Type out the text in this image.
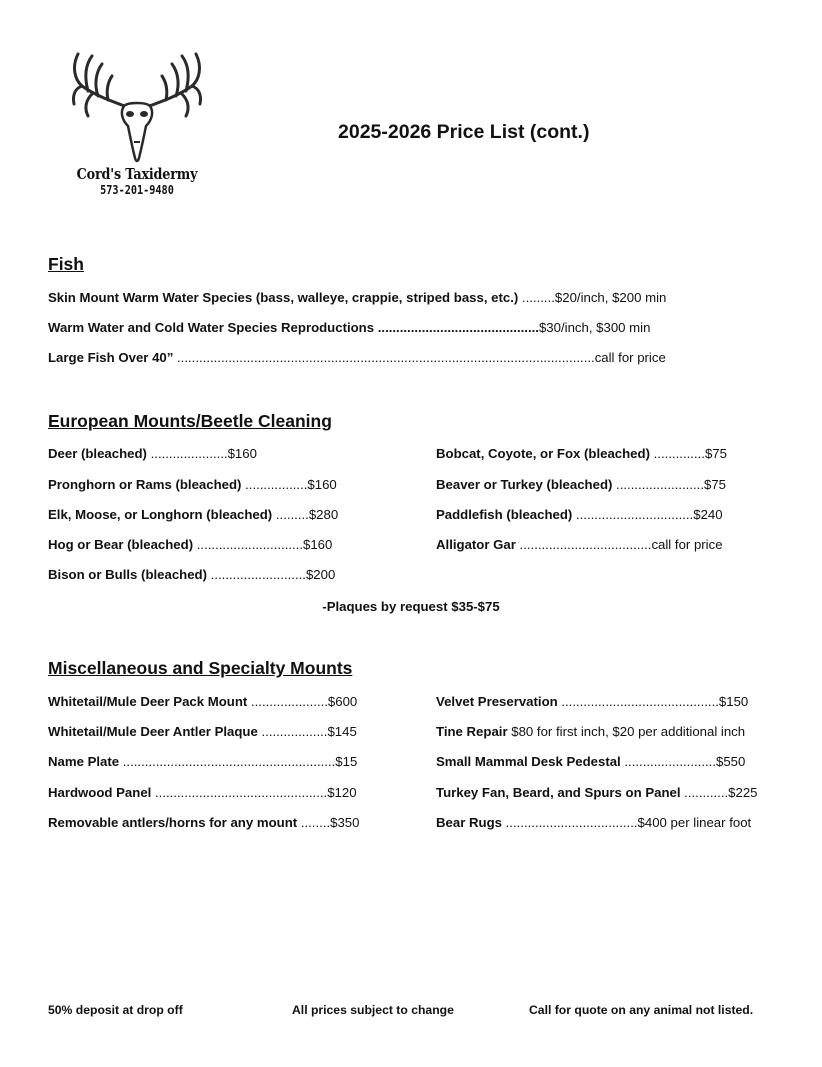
Cord's Taxidermy
573-201-9480
2025-2026 Price List (cont.)
Fish
Skin Mount Warm Water Species (bass, walleye, crappie, striped bass, etc.) .........$20/inch, $200 min
Warm Water and Cold Water Species Reproductions ............................................$30/inch, $300 min
Large Fish Over 40” ..................................................................................................................call for price
European Mounts/Beetle Cleaning
Deer (bleached) .....................$160
Pronghorn or Rams (bleached) .................$160
Elk, Moose, or Longhorn (bleached) .........$280
Hog or Bear (bleached) .............................$160
Bison or Bulls (bleached) ..........................$200
Bobcat, Coyote, or Fox (bleached) ..............$75
Beaver or Turkey (bleached) ........................$75
Paddlefish (bleached) ................................$240
Alligator Gar ....................................call for price
-Plaques by request $35-$75
Miscellaneous and Specialty Mounts
Whitetail/Mule Deer Pack Mount .....................$600
Whitetail/Mule Deer Antler Plaque ..................$145
Name Plate ..........................................................$15
Hardwood Panel ...............................................$120
Removable antlers/horns for any mount ........$350
Velvet Preservation ...........................................$150
Tine Repair $80 for first inch, $20 per additional inch
Small Mammal Desk Pedestal .........................$550
Turkey Fan, Beard, and Spurs on Panel ............$225
Bear Rugs ....................................$400 per linear foot
50% deposit at drop off	All prices subject to change	Call for quote on any animal not listed.
